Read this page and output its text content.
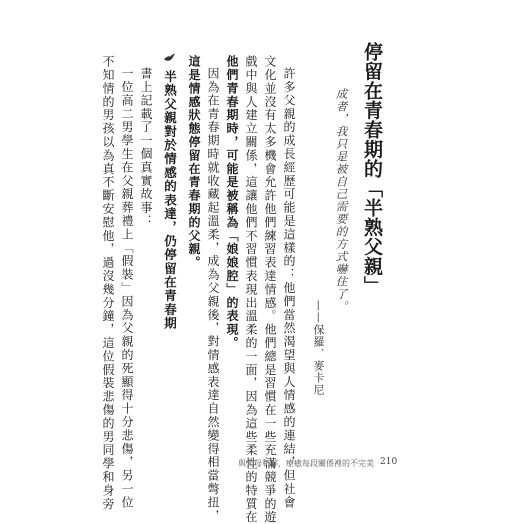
停留在青春期的「半熟父親」
成者，我只是被自己需要的方式嚇住了。
——保羅．麥卡尼
許多父親的成長經歷可能是這樣的：他們當然渴望與人情感的連結，但社會
文化並沒有太多機會允許他們練習表達情感。他們總是習慣在一些充滿競爭的遊
戲中與人建立關係，這讓他們不習慣表現出溫柔的一面，因為這些柔性的特質在
他們青春期時，可能是被稱為「娘娘腔」的表現。
因為在青春期時就收藏起溫柔，成為父親後，對情感表達自然變得相當彆扭，
這是情感狀態停留在青春期的父親。
半熟父親對於情感的表達，仍停留在青春期
書上記載了一個真實故事：
一位高二男學生在父親葬禮上「假裝」因為父親的死顯得十分悲傷，另一位
不知情的男孩以為真不斷安慰他，過沒幾分鐘，這位假裝悲傷的男同學和身旁	與父母和解，療癒每段關係裡的不完美 210
